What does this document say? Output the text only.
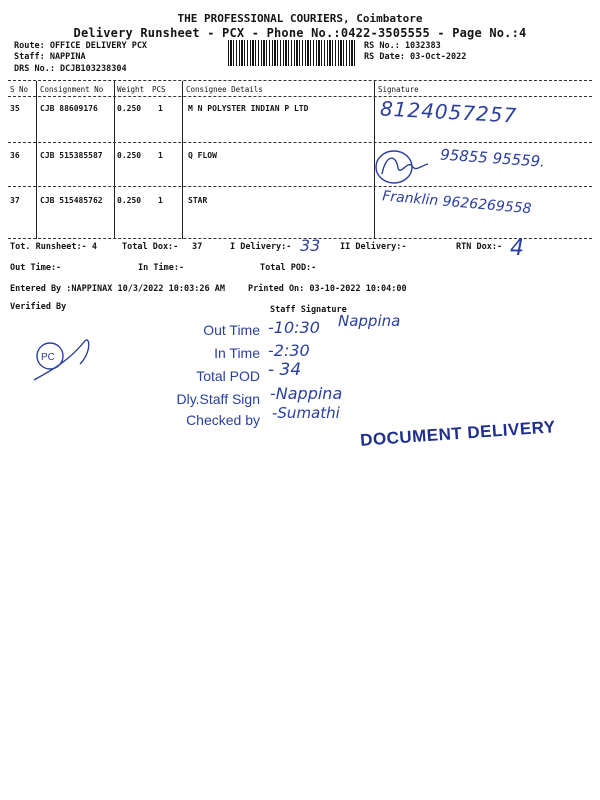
THE PROFESSIONAL COURIERS, Coimbatore
Delivery Runsheet - PCX - Phone No.:0422-3505555 - Page No.:4
Route: OFFICE DELIVERY PCX
Staff: NAPPINA
DRS No.: DCJB103238304
RS No.: 1032383
RS Date: 03-Oct-2022
S No Consignment No Weight PCS	Consignee Details	Signature
35	CJB 88609176 0.250 1	M N POLYSTER INDIAN P LTD	8124057257
36	CJB 515385587 0.250 1	Q FLOW	95855 95559.
37	CJB 515485762 0.250 1	STAR	Franklin 9626269558
Tot. Runsheet:- 4	Total Dox:- 37	I Delivery:- 33 II Delivery:-	RTN Dox:- 4
Out Time:-	In Time:-	Total POD:-
Entered By :NAPPINAX 10/3/2022 10:03:26 AM	Printed On: 03-10-2022 10:04:00
Verified By	Staff Signature
PC
Out Time -10:30 Nappina
In Time -2:30
Total POD - 34
Dly.Staff Sign -Nappina
Checked by -Sumathi
DOCUMENT DELIVERY
